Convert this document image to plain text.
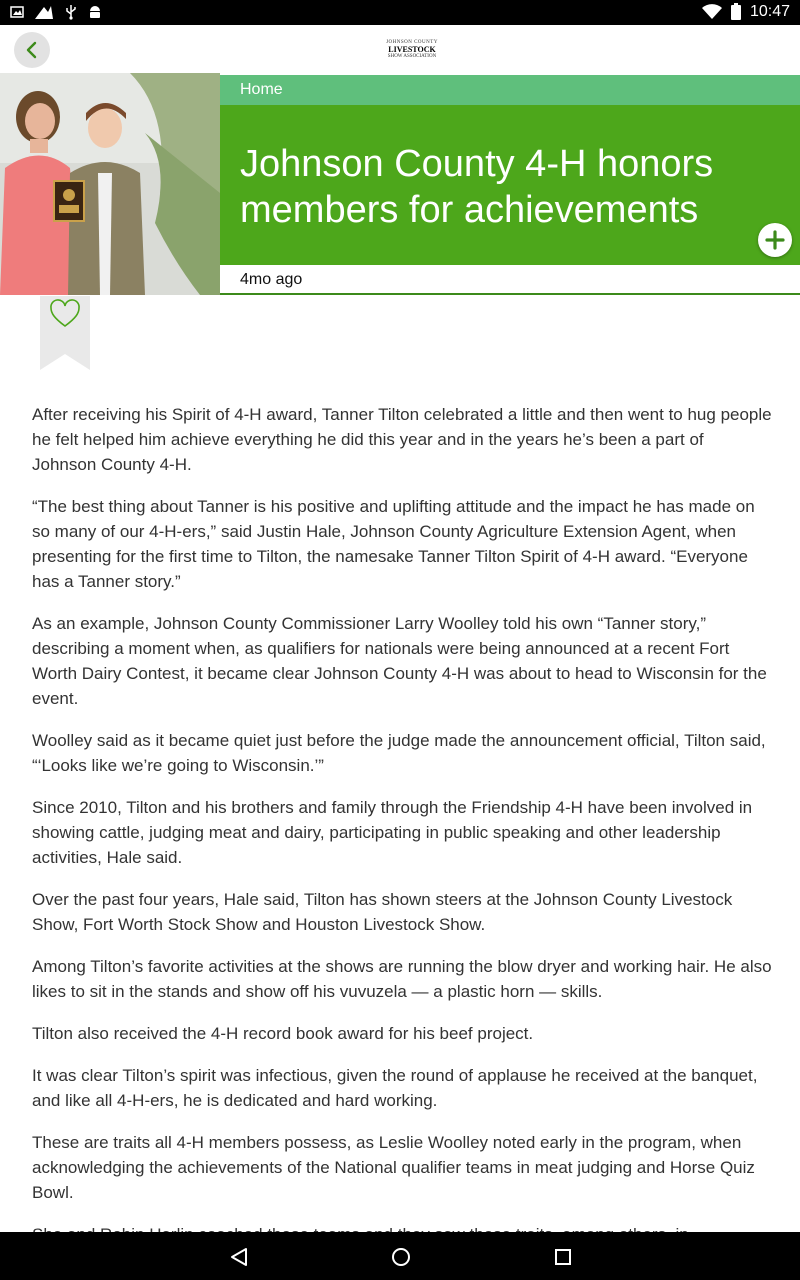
10:47
JOHNSON COUNTY
LIVESTOCK
SHOW ASSOCIATION
Home
Johnson County 4-H honors members for achievements
4mo ago

After receiving his Spirit of 4-H award, Tanner Tilton celebrated a little and then went to hug people he felt helped him achieve everything he did this year and in the years he’s been a part of Johnson County 4-H.

“The best thing about Tanner is his positive and uplifting attitude and the impact he has made on so many of our 4-H-ers,” said Justin Hale, Johnson County Agriculture Extension Agent, when presenting for the first time to Tilton, the namesake Tanner Tilton Spirit of 4-H award. “Everyone has a Tanner story.”

As an example, Johnson County Commissioner Larry Woolley told his own “Tanner story,” describing a moment when, as qualifiers for nationals were being announced at a recent Fort Worth Dairy Contest, it became clear Johnson County 4-H was about to head to Wisconsin for the event.

Woolley said as it became quiet just before the judge made the announcement official, Tilton said, “‘Looks like we’re going to Wisconsin.’”

Since 2010, Tilton and his brothers and family through the Friendship 4-H have been involved in showing cattle, judging meat and dairy, participating in public speaking and other leadership activities, Hale said.

Over the past four years, Hale said, Tilton has shown steers at the Johnson County Livestock Show, Fort Worth Stock Show and Houston Livestock Show.

Among Tilton’s favorite activities at the shows are running the blow dryer and working hair. He also likes to sit in the stands and show off his vuvuzela — a plastic horn — skills.

Tilton also received the 4-H record book award for his beef project.

It was clear Tilton’s spirit was infectious, given the round of applause he received at the banquet, and like all 4-H-ers, he is dedicated and hard working.

These are traits all 4-H members possess, as Leslie Woolley noted early in the program, when acknowledging the achievements of the National qualifier teams in meat judging and Horse Quiz Bowl.
